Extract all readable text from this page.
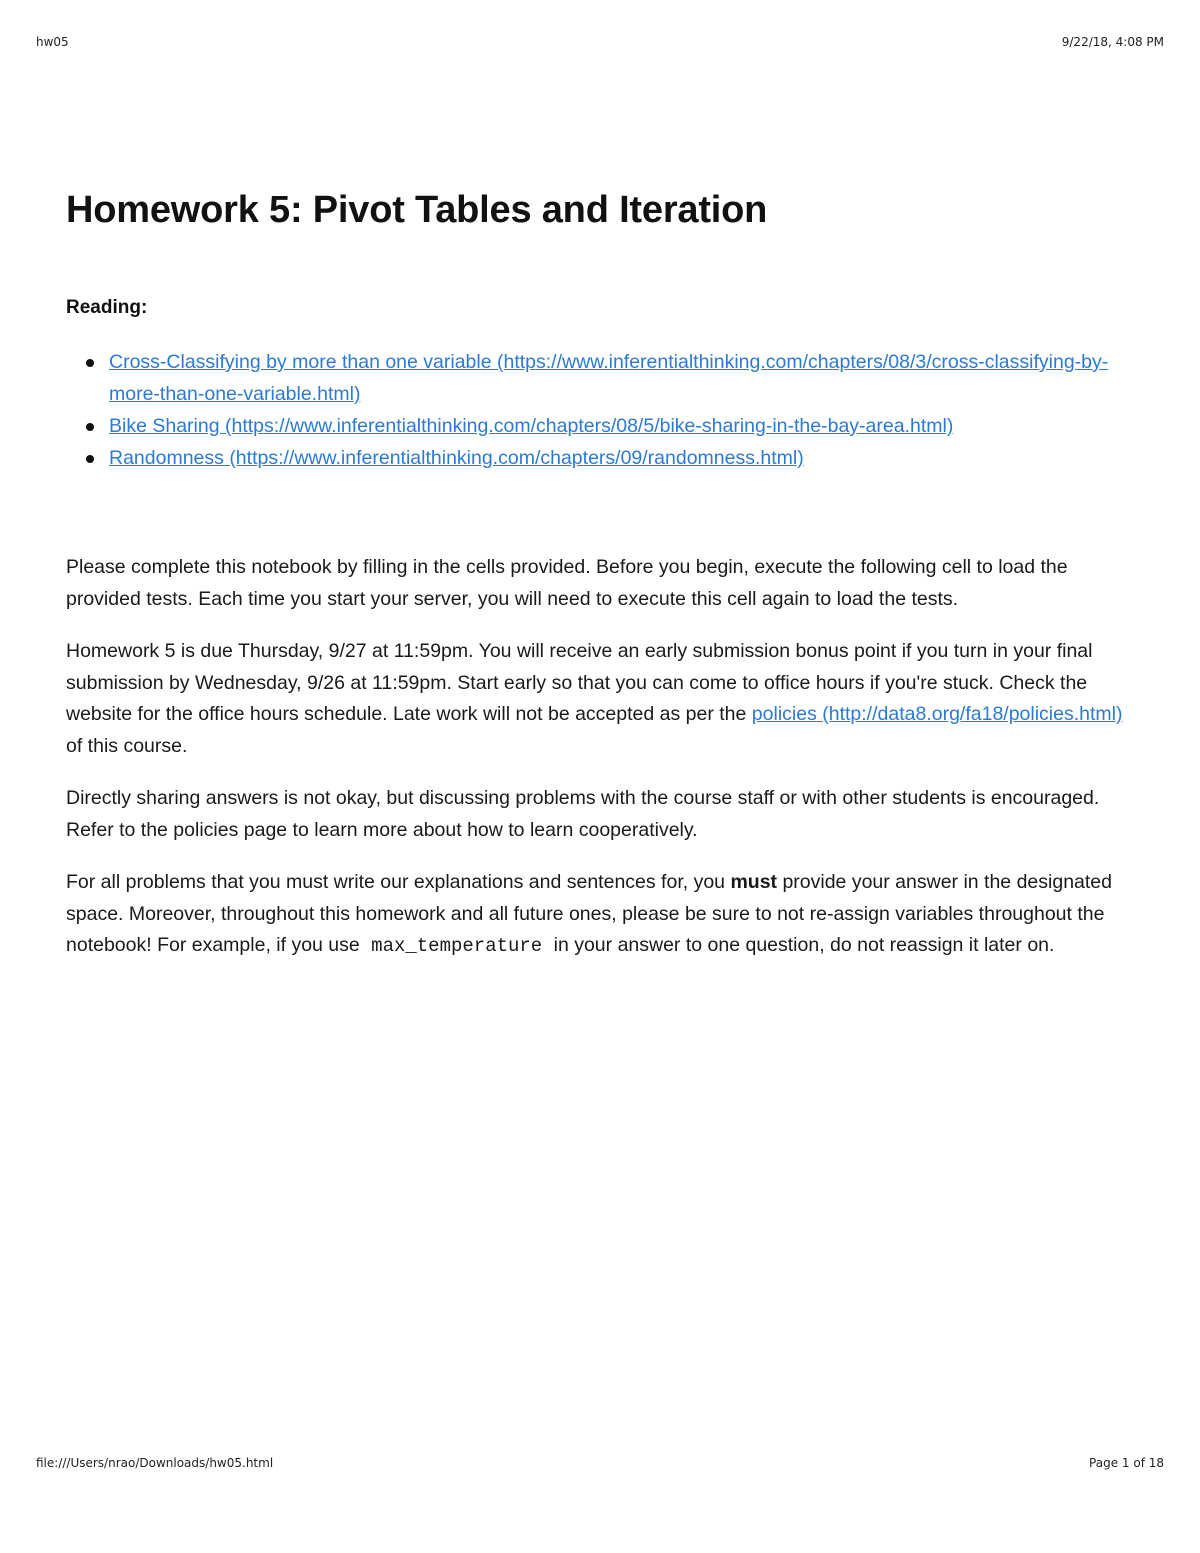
hw05	9/22/18, 4:08 PM
Homework 5: Pivot Tables and Iteration
Reading:
Cross-Classifying by more than one variable (https://www.inferentialthinking.com/chapters/08/3/cross-classifying-by-more-than-one-variable.html)
Bike Sharing (https://www.inferentialthinking.com/chapters/08/5/bike-sharing-in-the-bay-area.html)
Randomness (https://www.inferentialthinking.com/chapters/09/randomness.html)

Please complete this notebook by filling in the cells provided. Before you begin, execute the following cell to load the provided tests. Each time you start your server, you will need to execute this cell again to load the tests.

Homework 5 is due Thursday, 9/27 at 11:59pm. You will receive an early submission bonus point if you turn in your final submission by Wednesday, 9/26 at 11:59pm. Start early so that you can come to office hours if you're stuck. Check the website for the office hours schedule. Late work will not be accepted as per the policies (http://data8.org/fa18/policies.html) of this course.

Directly sharing answers is not okay, but discussing problems with the course staff or with other students is encouraged. Refer to the policies page to learn more about how to learn cooperatively.

For all problems that you must write our explanations and sentences for, you must provide your answer in the designated space. Moreover, throughout this homework and all future ones, please be sure to not re-assign variables throughout the notebook! For example, if you use max_temperature in your answer to one question, do not reassign it later on.

file:///Users/nrao/Downloads/hw05.html	Page 1 of 18
